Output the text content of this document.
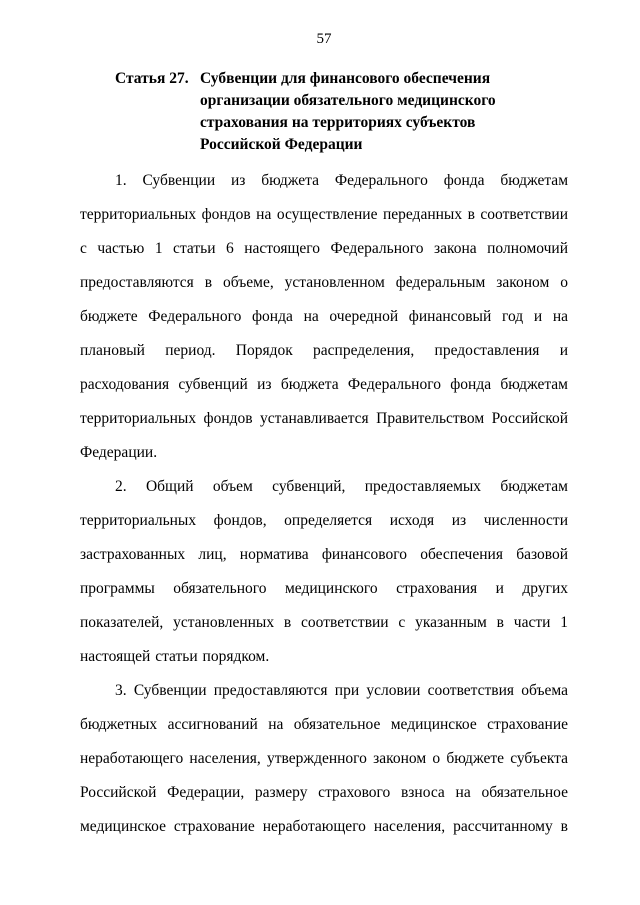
57
Статья 27. Субвенции для финансового обеспечения
организации обязательного медицинского
страхования на территориях субъектов
Российской Федерации

1. Субвенции из бюджета Федерального фонда бюджетам территориальных фондов на осуществление переданных в соответствии с частью 1 статьи 6 настоящего Федерального закона полномочий предоставляются в объеме, установленном федеральным законом о бюджете Федерального фонда на очередной финансовый год и на плановый период. Порядок распределения, предоставления и расходования субвенций из бюджета Федерального фонда бюджетам территориальных фондов устанавливается Правительством Российской Федерации.

2. Общий объем субвенций, предоставляемых бюджетам территориальных фондов, определяется исходя из численности застрахованных лиц, норматива финансового обеспечения базовой программы обязательного медицинского страхования и других показателей, установленных в соответствии с указанным в части 1 настоящей статьи порядком.

3. Субвенции предоставляются при условии соответствия объема бюджетных ассигнований на обязательное медицинское страхование неработающего населения, утвержденного законом о бюджете субъекта Российской Федерации, размеру страхового взноса на обязательное медицинское страхование неработающего населения, рассчитанному в
